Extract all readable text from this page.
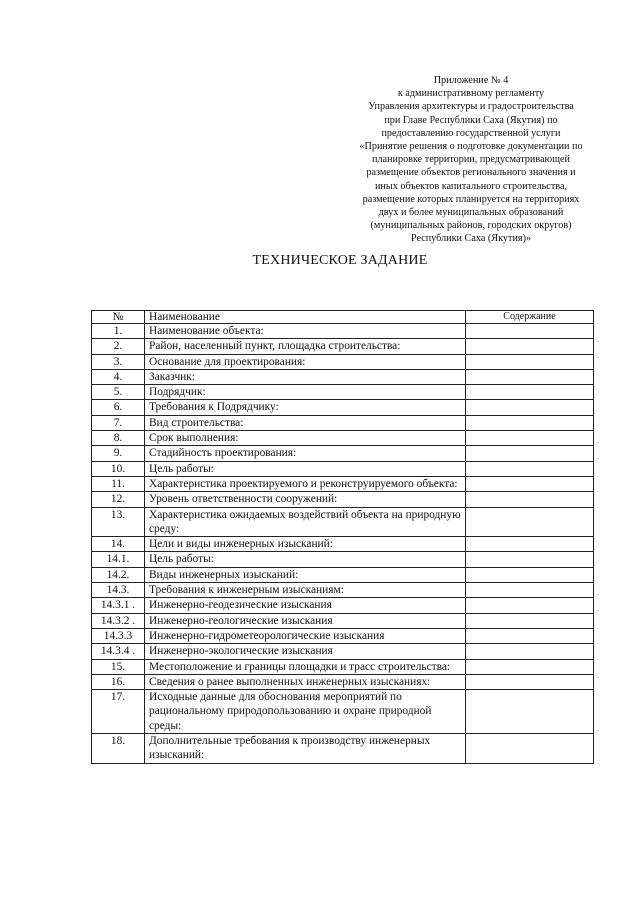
Приложение № 4
к административному регламенту
Управления архитектуры и градостроительства
при Главе Республики Саха (Якутия) по
предоставлению государственной услуги
«Принятие решения о подготовке документации по
планировке территории, предусматривающей
размещение объектов регионального значения и
иных объектов капитального строительства,
размещение которых планируется на территориях
двух и более муниципальных образований
(муниципальных районов, городских округов)
Республики Саха (Якутия)»
ТЕХНИЧЕСКОЕ ЗАДАНИЕ
№	Наименование	Содержание
1.	Наименование объекта:	
2.	Район, населенный пункт, площадка строительства:	
3.	Основание для проектирования:	
4.	Заказчик:	
5.	Подрядчик:	
6.	Требования к Подрядчику:	
7.	Вид строительства:	
8.	Срок выполнения:	
9.	Стадийность проектирования:	
10.	Цель работы:	
11.	Характеристика проектируемого и реконструируемого объекта:	
12.	Уровень ответственности сооружений:	
13.	Характеристика ожидаемых воздействий объекта на природную среду:	
14.	Цели и виды инженерных изысканий:	
14.1.	Цель работы:	
14.2.	Виды инженерных изысканий:	
14.3.	Требования к инженерным изысканиям:	
14.3.1 .	Инженерно-геодезические изыскания	
14.3.2 .	Инженерно-геологические изыскания	
14.3.3	Инженерно-гидрометеорологические изыскания	
14.3.4 .	Инженерно-экологические изыскания	
15.	Местоположение и границы площадки и трасс строительства:	
16.	Сведения о ранее выполненных инженерных изысканиях:	
17.	Исходные данные для обоснования мероприятий по рациональному природопользованию и охране природной среды:	
18.	Дополнительные требования к производству инженерных изысканий:	
